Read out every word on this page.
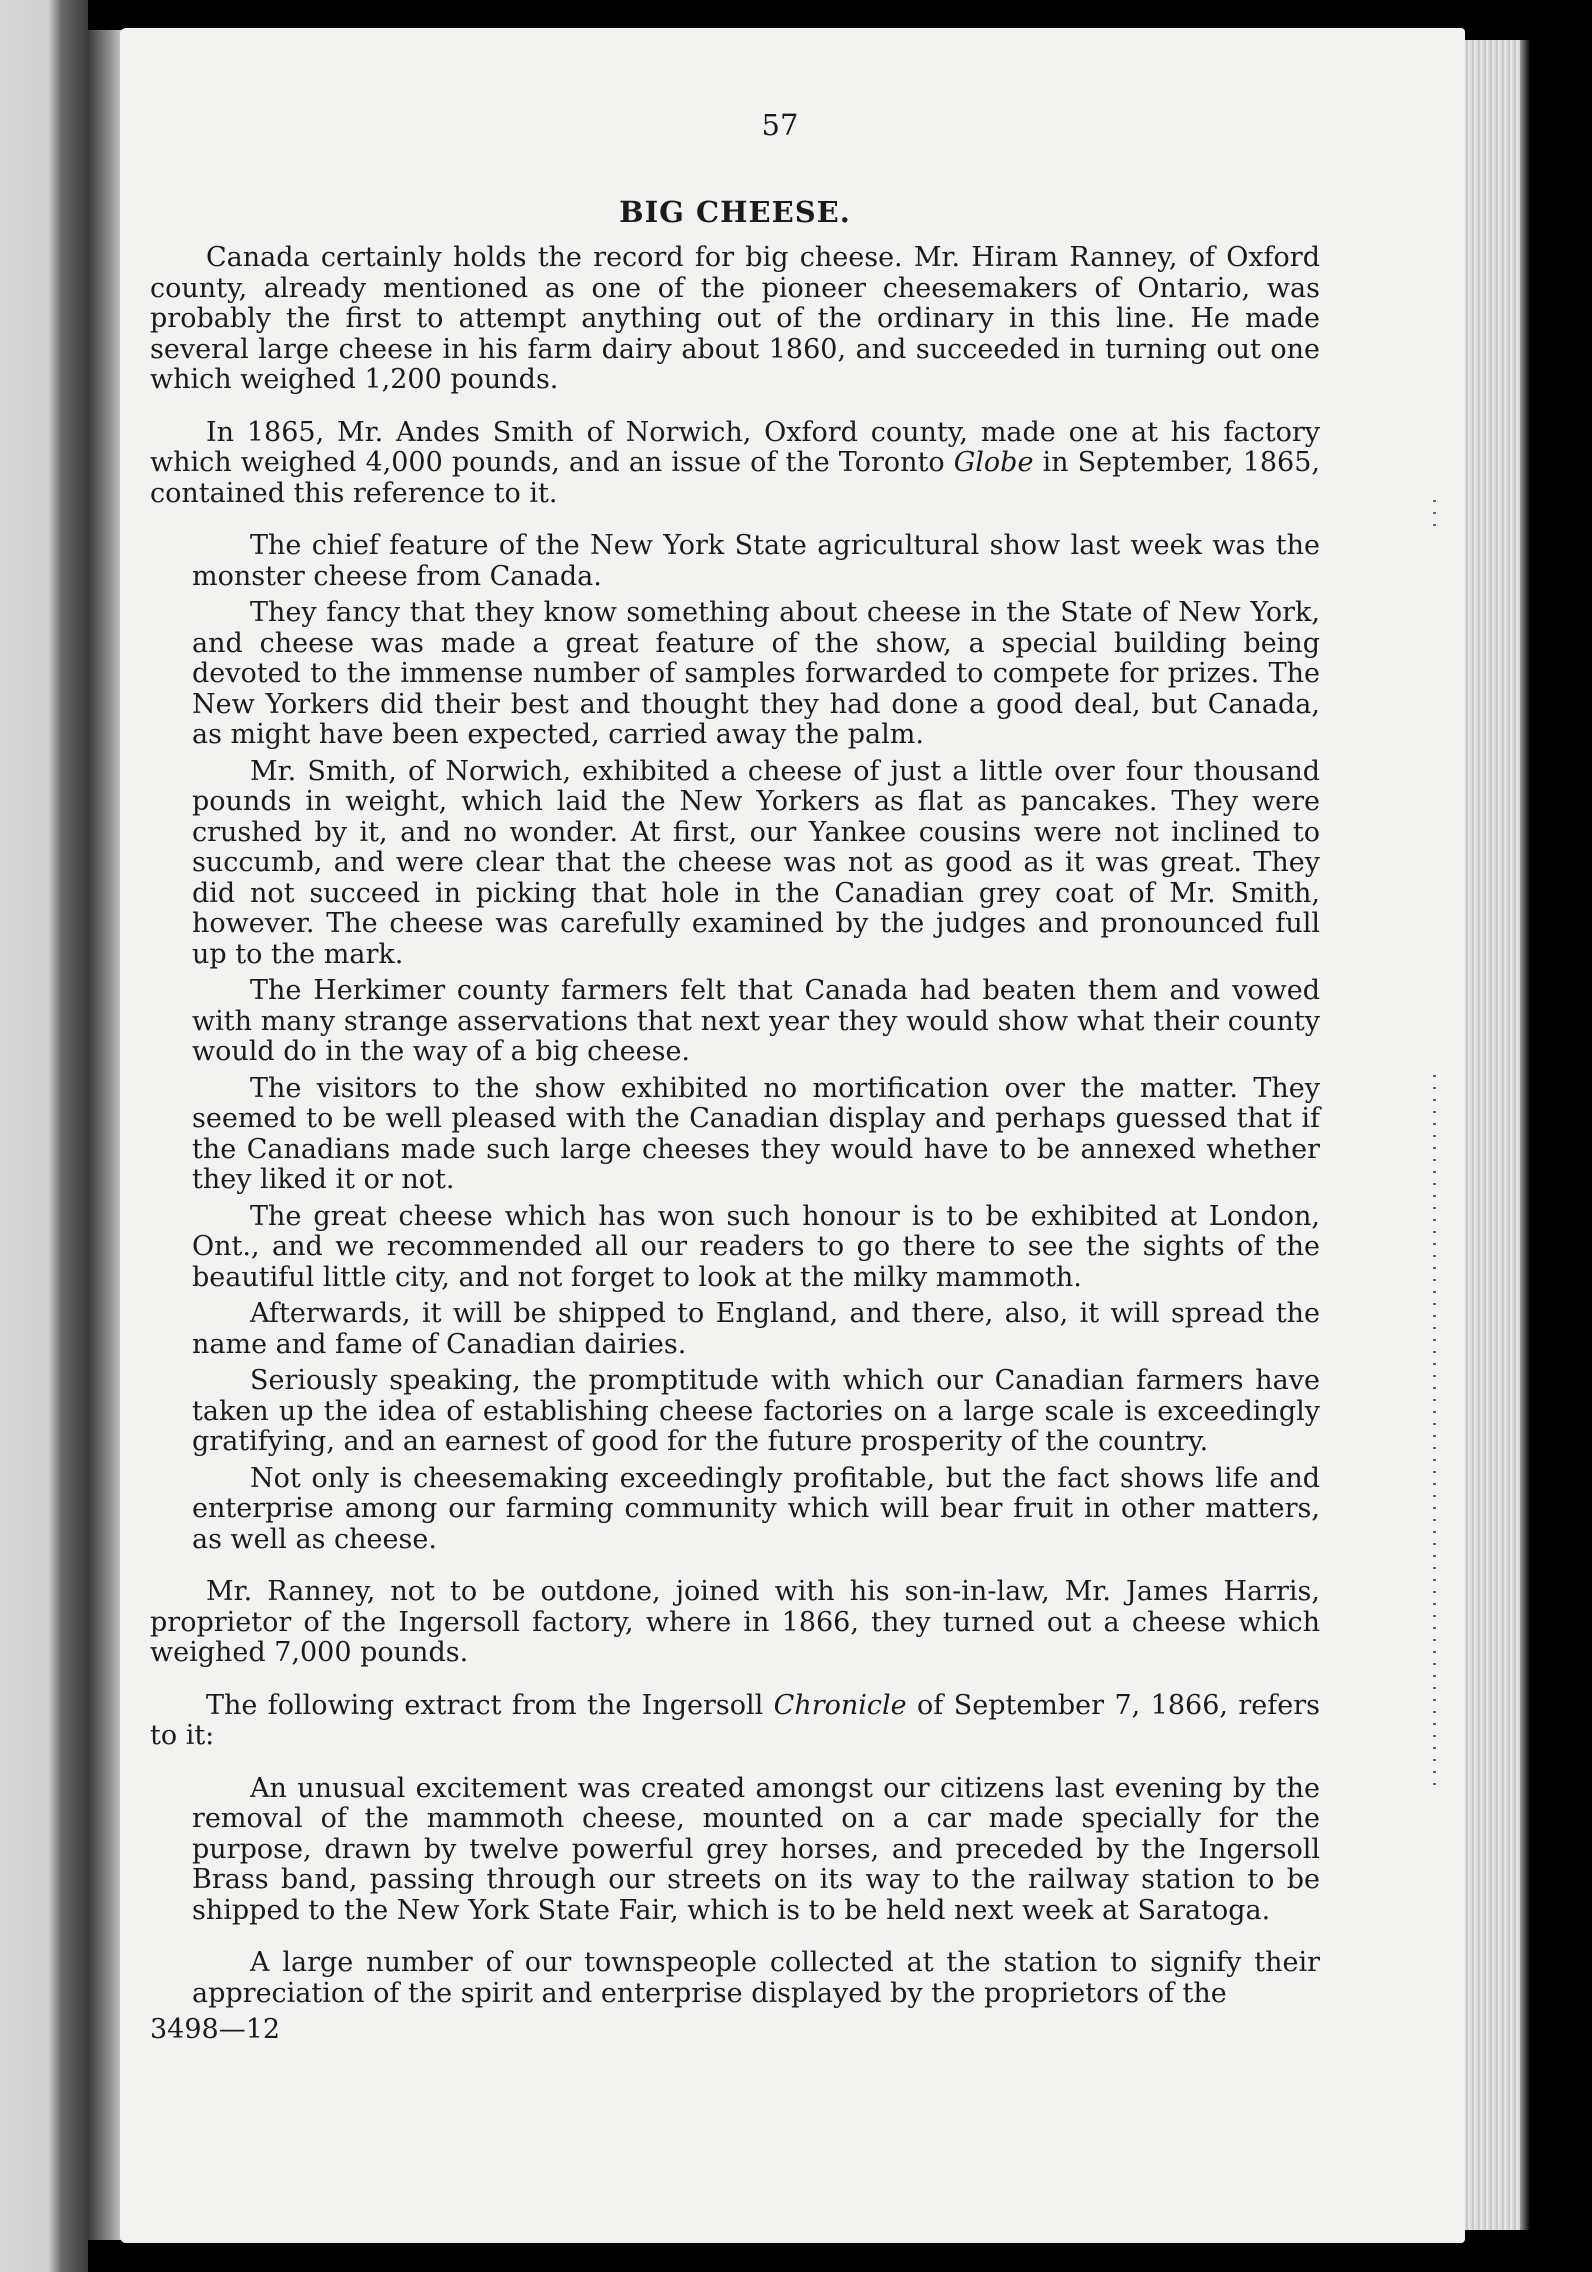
57
BIG CHEESE.

Canada certainly holds the record for big cheese. Mr. Hiram Ranney, of Oxford county, already mentioned as one of the pioneer cheesemakers of Ontario, was probably the first to attempt anything out of the ordinary in this line. He made several large cheese in his farm dairy about 1860, and succeeded in turning out one which weighed 1,200 pounds.

In 1865, Mr. Andes Smith of Norwich, Oxford county, made one at his factory which weighed 4,000 pounds, and an issue of the Toronto Globe in September, 1865, contained this reference to it.

The chief feature of the New York State agricultural show last week was the monster cheese from Canada.

They fancy that they know something about cheese in the State of New York, and cheese was made a great feature of the show, a special building being devoted to the immense number of samples forwarded to compete for prizes. The New Yorkers did their best and thought they had done a good deal, but Canada, as might have been expected, carried away the palm.

Mr. Smith, of Norwich, exhibited a cheese of just a little over four thousand pounds in weight, which laid the New Yorkers as flat as pancakes. They were crushed by it, and no wonder. At first, our Yankee cousins were not inclined to succumb, and were clear that the cheese was not as good as it was great. They did not succeed in picking that hole in the Canadian grey coat of Mr. Smith, however. The cheese was carefully examined by the judges and pronounced full up to the mark.

The Herkimer county farmers felt that Canada had beaten them and vowed with many strange asservations that next year they would show what their county would do in the way of a big cheese.

The visitors to the show exhibited no mortification over the matter. They seemed to be well pleased with the Canadian display and perhaps guessed that if the Canadians made such large cheeses they would have to be annexed whether they liked it or not.

The great cheese which has won such honour is to be exhibited at London, Ont., and we recommended all our readers to go there to see the sights of the beautiful little city, and not forget to look at the milky mammoth.

Afterwards, it will be shipped to England, and there, also, it will spread the name and fame of Canadian dairies.

Seriously speaking, the promptitude with which our Canadian farmers have taken up the idea of establishing cheese factories on a large scale is exceedingly gratifying, and an earnest of good for the future prosperity of the country.

Not only is cheesemaking exceedingly profitable, but the fact shows life and enterprise among our farming community which will bear fruit in other matters, as well as cheese.

Mr. Ranney, not to be outdone, joined with his son-in-law, Mr. James Harris, proprietor of the Ingersoll factory, where in 1866, they turned out a cheese which weighed 7,000 pounds.

The following extract from the Ingersoll Chronicle of September 7, 1866, refers to it:

An unusual excitement was created amongst our citizens last evening by the removal of the mammoth cheese, mounted on a car made specially for the purpose, drawn by twelve powerful grey horses, and preceded by the Ingersoll Brass band, passing through our streets on its way to the railway station to be shipped to the New York State Fair, which is to be held next week at Saratoga.

A large number of our townspeople collected at the station to signify their appreciation of the spirit and enterprise displayed by the proprietors of the

3498—12
